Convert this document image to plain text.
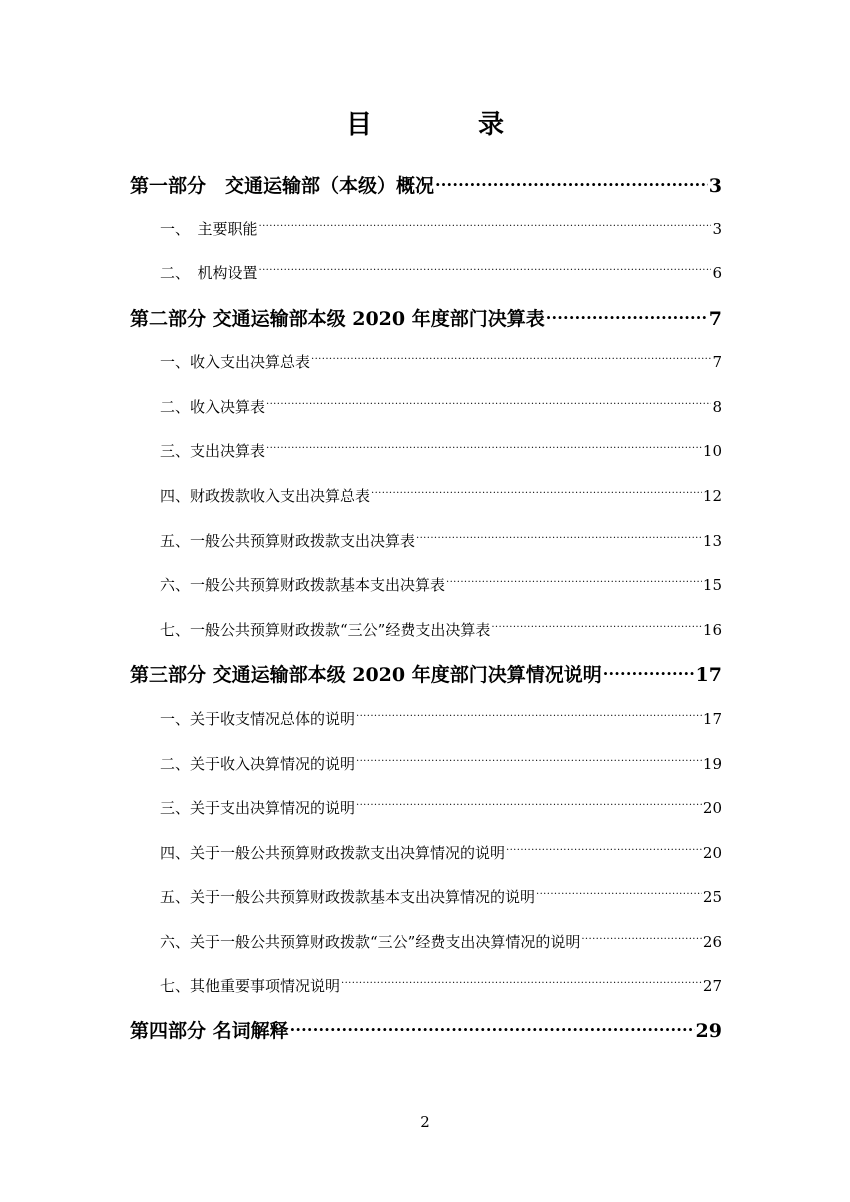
目　录
第一部分　交通运输部（本级）概况 .....	3
一、　主要职能 .....	3
二、　机构设置 .....	6
第二部分 交通运输部本级 2020 年度部门决算表 .....	7
一、收入支出决算总表 .....	7
二、收入决算表 .....	8
三、支出决算表 .....	10
四、财政拨款收入支出决算总表 .....	12
五、一般公共预算财政拨款支出决算表 .....	13
六、一般公共预算财政拨款基本支出决算表 .....	15
七、一般公共预算财政拨款“三公”经费支出决算表 .....	16
第三部分 交通运输部本级 2020 年度部门决算情况说明 .....	17
一、关于收支情况总体的说明 .....	17
二、关于收入决算情况的说明 .....	19
三、关于支出决算情况的说明 .....	20
四、关于一般公共预算财政拨款支出决算情况的说明 .....	20
五、关于一般公共预算财政拨款基本支出决算情况的说明 .....	25
六、关于一般公共预算财政拨款“三公”经费支出决算情况的说明 .....	26
七、其他重要事项情况说明 .....	27
第四部分 名词解释 .....	29
2
